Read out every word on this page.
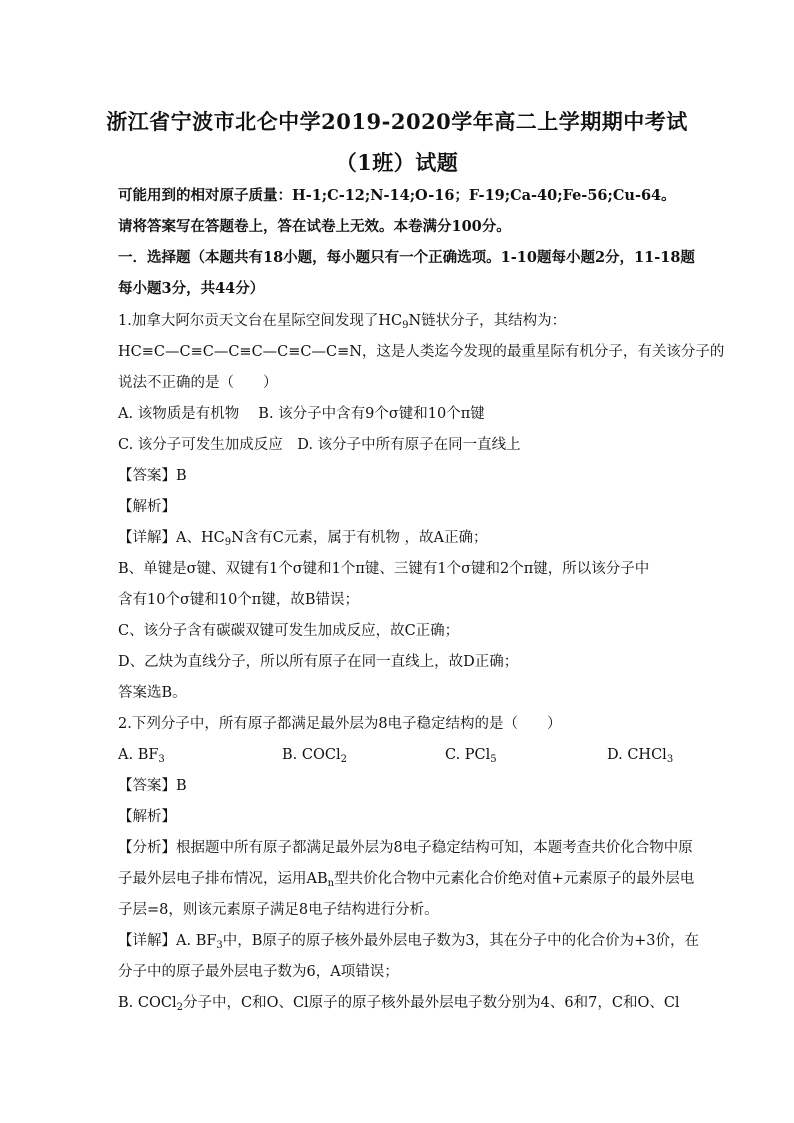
浙江省宁波市北仑中学2019-2020学年高二上学期期中考试
（1班）试题
可能用到的相对原子质量：H-1;C-12;N-14;O-16；F-19;Ca-40;Fe-56;Cu-64。
请将答案写在答题卷上，答在试卷上无效。本卷满分100分。
一．选择题（本题共有18小题，每小题只有一个正确选项。1-10题每小题2分，11-18题
每小题3分，共44分）
1.加拿大阿尔贡天文台在星际空间发现了$HC_9N$链状分子，其结构为：
HC≡C—C≡C—C≡C—C≡C—C≡N，这是人类迄今发现的最重星际有机分子，有关该分子的
说法不正确的是（　　）
A. 该物质是有机物　 B. 该分子中含有9个σ键和10个π键
C. 该分子可发生加成反应　D. 该分子中所有原子在同一直线上
【答案】B
【解析】
【详解】A、$HC_9N$含有C元素，属于有机物 ，故A正确；
B、单键是σ键、双键有1个σ键和1个π键、三键有1个σ键和2个π键，所以该分子中
含有10个σ键和10个π键，故B错误；
C、该分子含有碳碳双键可发生加成反应，故C正确；
D、乙炔为直线分子，所以所有原子在同一直线上，故D正确；
答案选B。
2.下列分子中，所有原子都满足最外层为8电子稳定结构的是（　　）
A. $BF_3$	B. COCl$_2$	C. PCl$_5$	D. CHCl$_3$
【答案】B
【解析】
【分析】根据题中所有原子都满足最外层为8电子稳定结构可知，本题考查共价化合物中原
子最外层电子排布情况，运用$AB_n$型共价化合物中元素化合价绝对值+元素原子的最外层电
子层=8，则该元素原子满足8电子结构进行分析。
【详解】A. $BF_3$中，B原子的原子核外最外层电子数为3，其在分子中的化合价为+3价，在
分子中的原子最外层电子数为6，A项错误；
B. COCl$_2$分子中，C和O、Cl原子的原子核外最外层电子数分别为4、6和7，C和O、Cl
